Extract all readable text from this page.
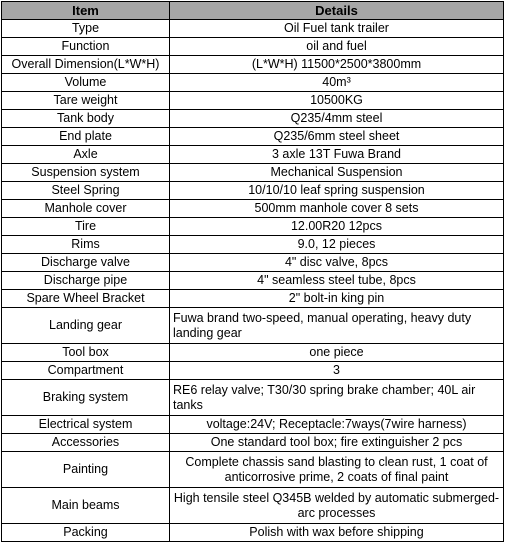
Item	Details
Type	Oil Fuel tank trailer
Function	oil and fuel
Overall Dimension(L*W*H)	(L*W*H) 11500*2500*3800mm
Volume	40m³
Tare weight	10500KG
Tank body	Q235/4mm steel
End plate	Q235/6mm steel sheet
Axle	3 axle 13T Fuwa Brand
Suspension system	Mechanical Suspension
Steel Spring	10/10/10 leaf spring suspension
Manhole cover	500mm manhole cover 8 sets
Tire	12.00R20 12pcs
Rims	9.0, 12 pieces
Discharge valve	4" disc valve, 8pcs
Discharge pipe	4" seamless steel tube, 8pcs
Spare Wheel Bracket	2" bolt-in king pin
Landing gear	Fuwa brand two-speed, manual operating, heavy duty landing gear
Tool box	one piece
Compartment	3
Braking system	RE6 relay valve; T30/30 spring brake chamber; 40L air tanks
Electrical system	voltage:24V; Receptacle:7ways(7wire harness)
Accessories	One standard tool box; fire extinguisher 2 pcs
Painting	Complete chassis sand blasting to clean rust, 1 coat of anticorrosive prime, 2 coats of final paint
Main beams	High tensile steel Q345B welded by automatic submerged-arc processes
Packing	Polish with wax before shipping
